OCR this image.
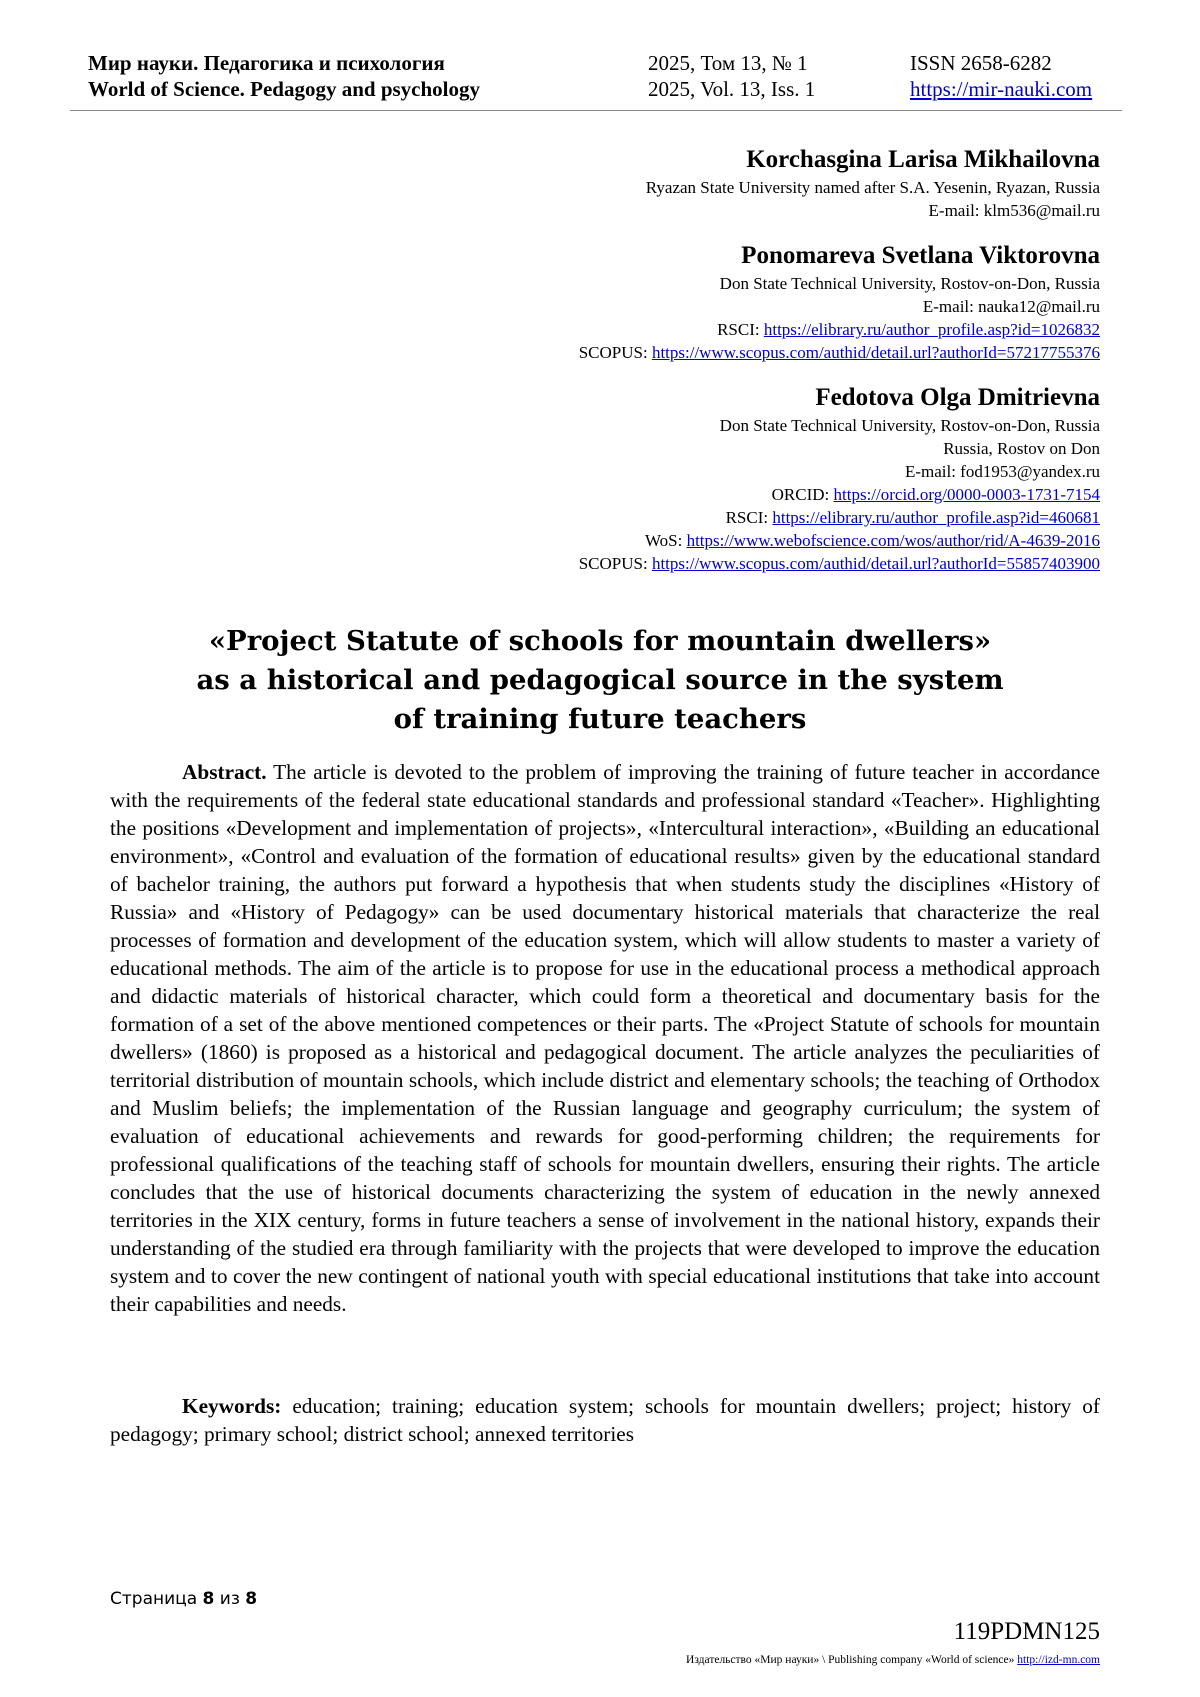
Мир науки. Педагогика и психология	2025, Том 13, № 1	ISSN 2658-6282
World of Science. Pedagogy and psychology	2025, Vol. 13, Iss. 1	https://mir-nauki.com
Korchasgina Larisa Mikhailovna
Ryazan State University named after S.A. Yesenin, Ryazan, Russia
E-mail: klm536@mail.ru
Ponomareva Svetlana Viktorovna
Don State Technical University, Rostov-on-Don, Russia
E-mail: nauka12@mail.ru
RSCI: https://elibrary.ru/author_profile.asp?id=1026832
SCOPUS: https://www.scopus.com/authid/detail.url?authorId=57217755376
Fedotova Olga Dmitrievna
Don State Technical University, Rostov-on-Don, Russia
Russia, Rostov on Don
E-mail: fod1953@yandex.ru
ORCID: https://orcid.org/0000-0003-1731-7154
RSCI: https://elibrary.ru/author_profile.asp?id=460681
WoS: https://www.webofscience.com/wos/author/rid/A-4639-2016
SCOPUS: https://www.scopus.com/authid/detail.url?authorId=55857403900
«Project Statute of schools for mountain dwellers»
as a historical and pedagogical source in the system
of training future teachers
Abstract. The article is devoted to the problem of improving the training of future teacher in accordance with the requirements of the federal state educational standards and professional standard «Teacher». Highlighting the positions «Development and implementation of projects», «Intercultural interaction», «Building an educational environment», «Control and evaluation of the formation of educational results» given by the educational standard of bachelor training, the authors put forward a hypothesis that when students study the disciplines «History of Russia» and «History of Pedagogy» can be used documentary historical materials that characterize the real processes of formation and development of the education system, which will allow students to master a variety of educational methods. The aim of the article is to propose for use in the educational process a methodical approach and didactic materials of historical character, which could form a theoretical and documentary basis for the formation of a set of the above mentioned competences or their parts. The «Project Statute of schools for mountain dwellers» (1860) is proposed as a historical and pedagogical document. The article analyzes the peculiarities of territorial distribution of mountain schools, which include district and elementary schools; the teaching of Orthodox and Muslim beliefs; the implementation of the Russian language and geography curriculum; the system of evaluation of educational achievements and rewards for good-performing children; the requirements for professional qualifications of the teaching staff of schools for mountain dwellers, ensuring their rights. The article concludes that the use of historical documents characterizing the system of education in the newly annexed territories in the XIX century, forms in future teachers a sense of involvement in the national history, expands their understanding of the studied era through familiarity with the projects that were developed to improve the education system and to cover the new contingent of national youth with special educational institutions that take into account their capabilities and needs.
Keywords: education; training; education system; schools for mountain dwellers; project; history of pedagogy; primary school; district school; annexed territories
Страница 8 из 8
119PDMN125
Издательство «Мир науки» \ Publishing company «World of science» http://izd-mn.com
